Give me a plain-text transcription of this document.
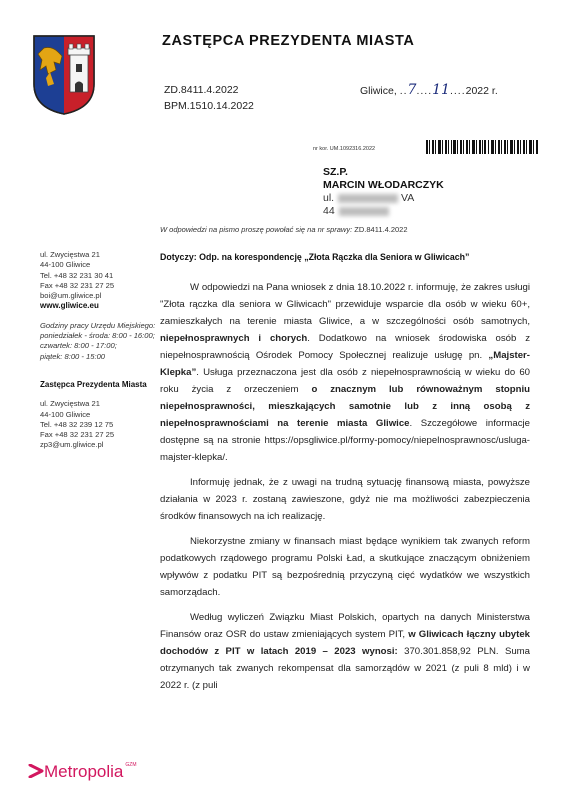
ZASTĘPCA PREZYDENTA MIASTA
ZD.8411.4.2022
BPM.1510.14.2022
Gliwice, ..7....11....2022 r.
nr kor. UM.1092316.2022
SZ.P.
MARCIN WŁODARCZYK
ul.	VA
44
W odpowiedzi na pismo proszę powołać się na nr sprawy: ZD.8411.4.2022
Dotyczy: Odp. na korespondencję „Złota Rączka dla Seniora w Gliwicach”

W odpowiedzi na Pana wniosek z dnia 18.10.2022 r. informuję, że zakres usługi "Złota rączka dla seniora w Gliwicach" przewiduje wsparcie dla osób w wieku 60+, zamieszkałych na terenie miasta Gliwice, a w szczególności osób samotnych, niepełnosprawnych i chorych. Dodatkowo na wniosek środowiska osób z niepełnosprawnością Ośrodek Pomocy Społecznej realizuje usługę pn. „Majster-Klepka”. Usługa przeznaczona jest dla osób z niepełnosprawnością w wieku do 60 roku życia z orzeczeniem o znacznym lub równoważnym stopniu niepełnosprawności, mieszkających samotnie lub z inną osobą z niepełnosprawnościami na terenie miasta Gliwice. Szczegółowe informacje dostępne są na stronie https://opsgliwice.pl/formy-pomocy/niepelnosprawnosc/usluga-majster-klepka/.

Informuję jednak, że z uwagi na trudną sytuację finansową miasta, powyższe działania w 2023 r. zostaną zawieszone, gdyż nie ma możliwości zabezpieczenia środków finansowych na ich realizację.

Niekorzystne zmiany w finansach miast będące wynikiem tak zwanych reform podatkowych rządowego programu Polski Ład, a skutkujące znaczącym obniżeniem wpływów z podatku PIT są bezpośrednią przyczyną cięć wydatków we wszystkich samorządach.

Według wyliczeń Związku Miast Polskich, opartych na danych Ministerstwa Finansów oraz OSR do ustaw zmieniających system PIT, w Gliwicach łączny ubytek dochodów z PIT w latach 2019 – 2023 wynosi: 370.301.858,92 PLN. Suma otrzymanych tak zwanych rekompensat dla samorządów w 2021 (z puli 8 mld) i w 2022 r. (z puli

ul. Zwycięstwa 21
44-100 Gliwice
Tel. +48 32 231 30 41
Fax +48 32 231 27 25
boi@um.gliwice.pl
www.gliwice.eu
Godziny pracy Urzędu Miejskiego:
poniedziałek - środa: 8:00 - 16:00;
czwartek: 8:00 - 17:00;
piątek: 8:00 - 15:00
Zastępca Prezydenta Miasta
ul. Zwycięstwa 21
44-100 Gliwice
Tel. +48 32 239 12 75
Fax +48 32 231 27 25
zp3@um.gliwice.pl
Metropolia $^{GZM}$
